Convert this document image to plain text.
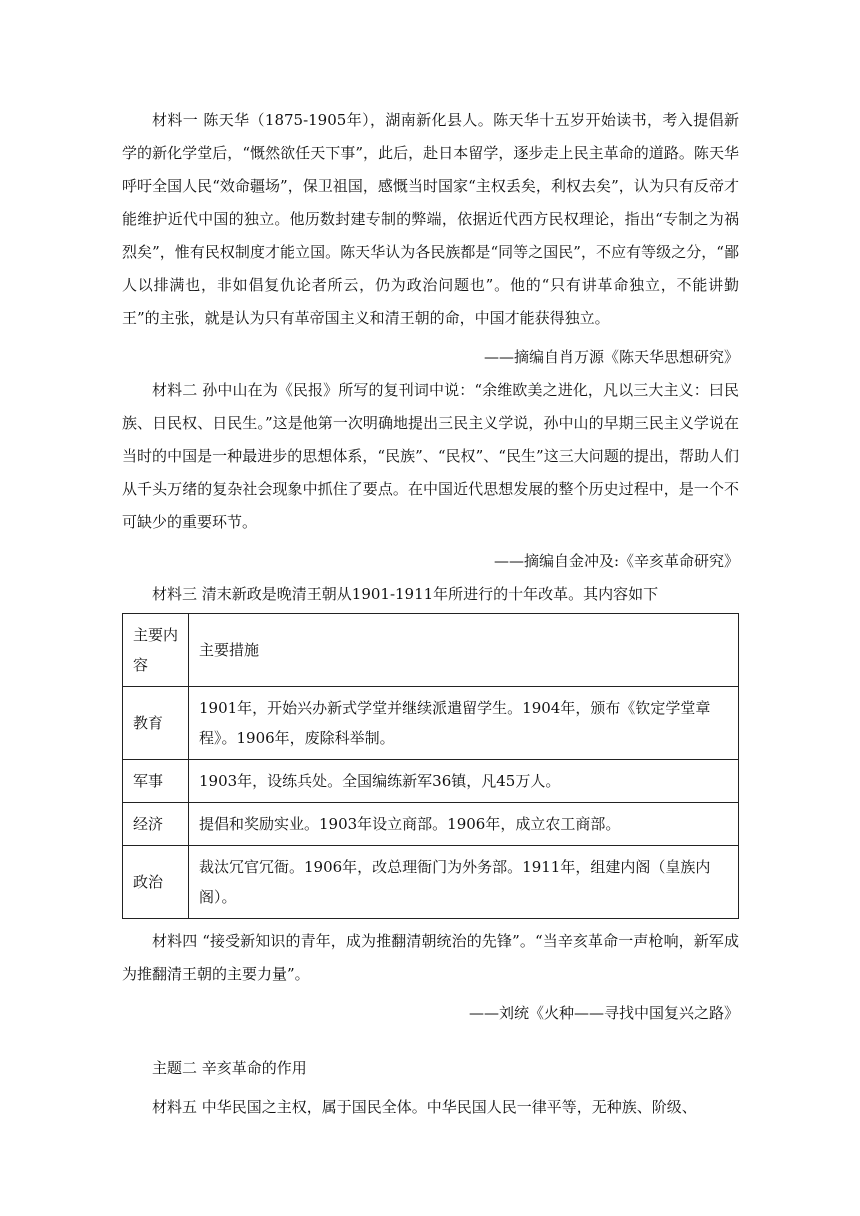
材料一 陈天华（1875-1905年），湖南新化县人。陈天华十五岁开始读书，考入提倡新学的新化学堂后，“慨然欲任天下事”，此后，赴日本留学，逐步走上民主革命的道路。陈天华呼吁全国人民“效命疆场”，保卫祖国，感慨当时国家“主权丢矣，利权去矣”，认为只有反帝才能维护近代中国的独立。他历数封建专制的弊端，依据近代西方民权理论，指出“专制之为祸烈矣”，惟有民权制度才能立国。陈天华认为各民族都是“同等之国民”，不应有等级之分，“鄙人以排满也，非如倡复仇论者所云，仍为政治问题也”。他的“只有讲革命独立，不能讲勤王”的主张，就是认为只有革帝国主义和清王朝的命，中国才能获得独立。

——摘编自肖万源《陈天华思想研究》

材料二 孙中山在为《民报》所写的复刊词中说：“余维欧美之进化，凡以三大主义：曰民族、日民权、日民生。”这是他第一次明确地提出三民主义学说，孙中山的早期三民主义学说在当时的中国是一种最进步的思想体系，“民族”、“民权”、“民生”这三大问题的提出，帮助人们从千头万绪的复杂社会现象中抓住了要点。在中国近代思想发展的整个历史过程中，是一个不可缺少的重要环节。

——摘编自金冲及:《辛亥革命研究》

材料三 清末新政是晚清王朝从1901-1911年所进行的十年改革。其内容如下

主要内容	主要措施
教育	1901年，开始兴办新式学堂并继续派遣留学生。1904年，颁布《钦定学堂章程》。1906年，废除科举制。
军事	1903年，设练兵处。全国编练新军36镇，凡45万人。
经济	提倡和奖励实业。1903年设立商部。1906年，成立农工商部。
政治	裁汰冗官冗衙。1906年，改总理衙门为外务部。1911年，组建内阁（皇族内阁）。

材料四 “接受新知识的青年，成为推翻清朝统治的先锋”。“当辛亥革命一声枪响，新军成为推翻清王朝的主要力量”。

——刘统《火种——寻找中国复兴之路》

主题二 辛亥革命的作用

材料五 中华民国之主权，属于国民全体。中华民国人民一律平等，无种族、阶级、
